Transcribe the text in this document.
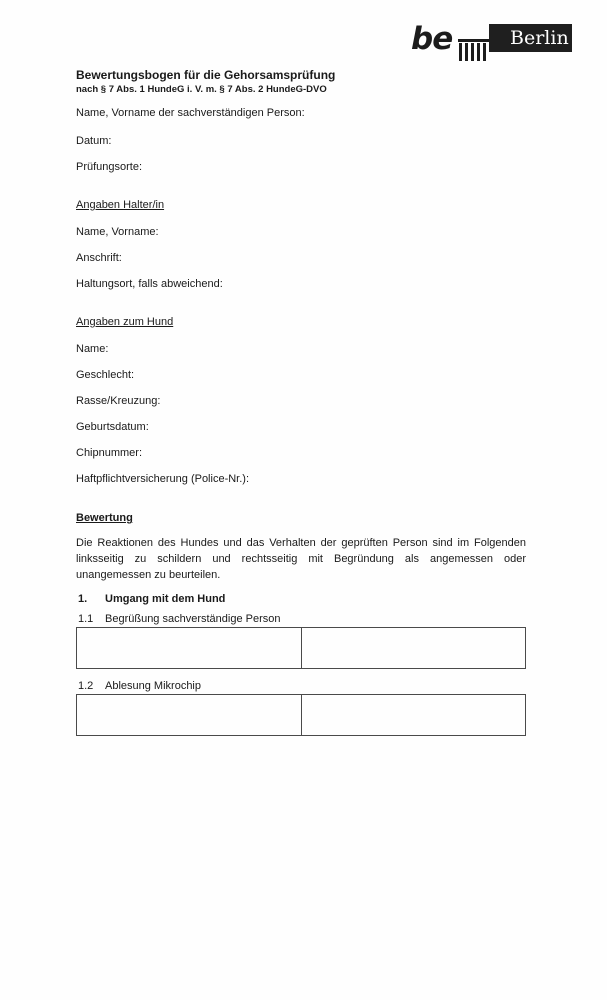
be	Berlin
Bewertungsbogen für die Gehorsamsprüfung
nach § 7 Abs. 1 HundeG i. V. m. § 7 Abs. 2 HundeG-DVO
Name, Vorname der sachverständigen Person:
Datum:
Prüfungsorte:
Angaben Halter/in
Name, Vorname:
Anschrift:
Haltungsort, falls abweichend:
Angaben zum Hund
Name:
Geschlecht:
Rasse/Kreuzung:
Geburtsdatum:
Chipnummer:
Haftpflichtversicherung (Police-Nr.):
Bewertung
Die Reaktionen des Hundes und das Verhalten der geprüften Person sind im Folgenden linksseitig zu schildern und rechtsseitig mit Begründung als angemessen oder unangemessen zu beurteilen.
1. Umgang mit dem Hund
1.1 Begrüßung sachverständige Person
1.2 Ablesung Mikrochip
